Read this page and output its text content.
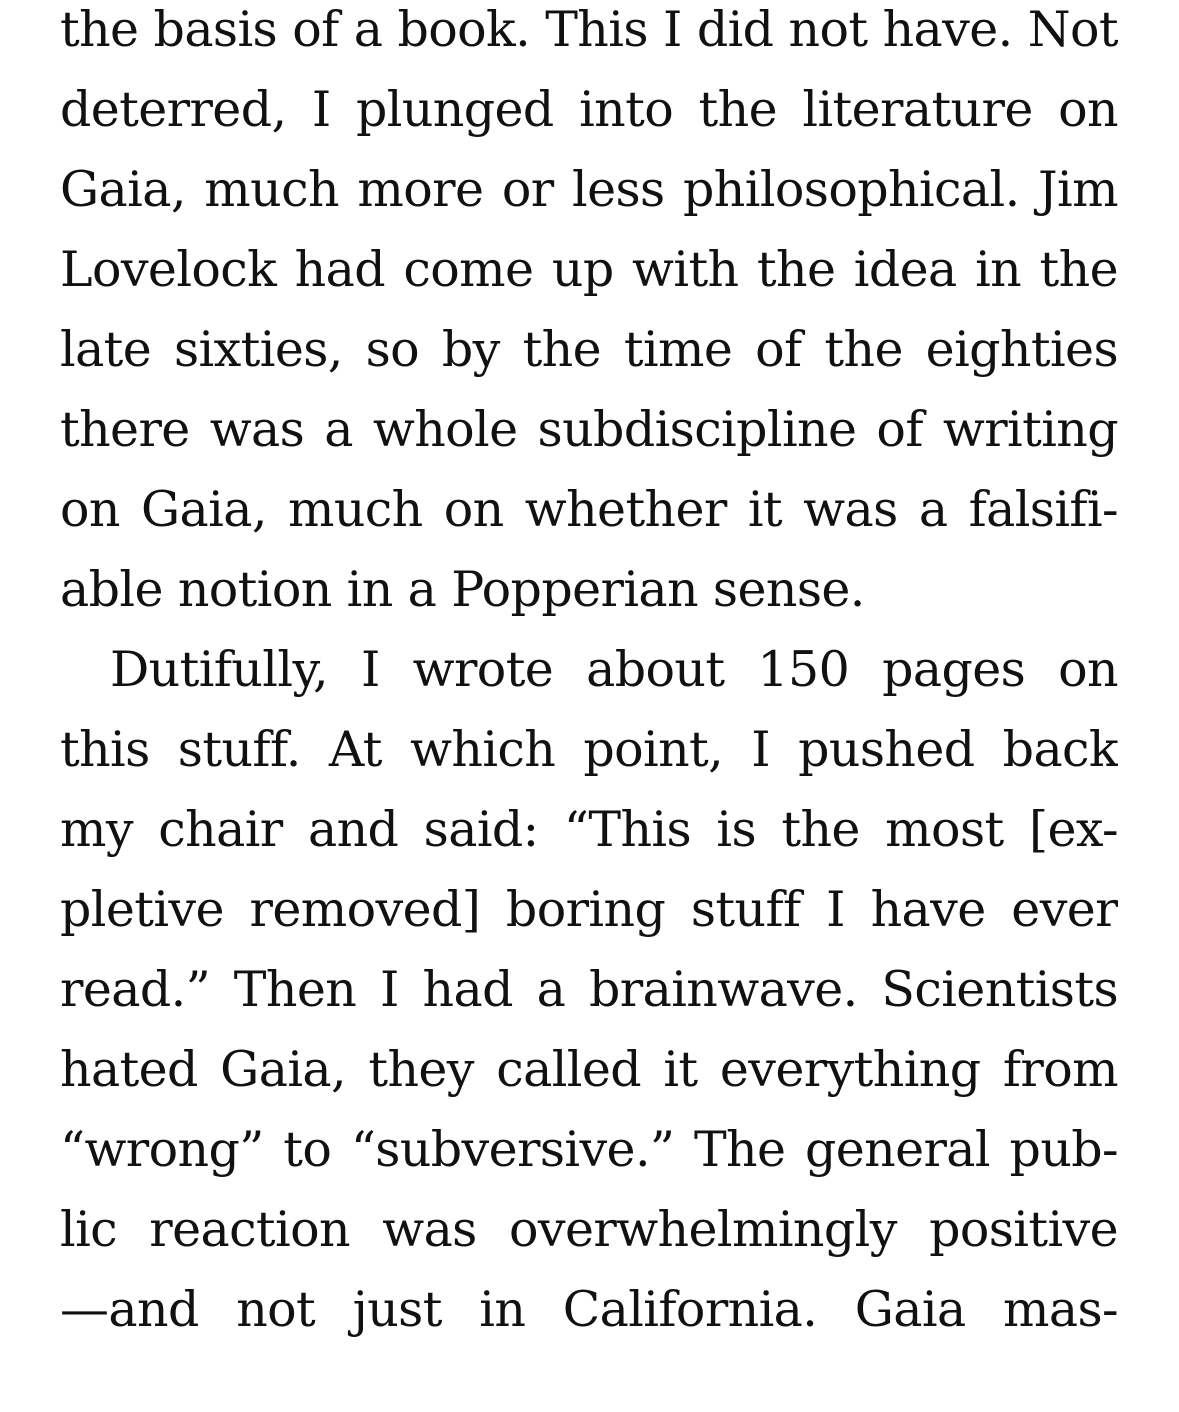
the basis of a book. This I did not have. Not
deterred, I plunged into the literature on
Gaia, much more or less philosophical. Jim
Lovelock had come up with the idea in the
late sixties, so by the time of the eighties
there was a whole subdiscipline of writing
on Gaia, much on whether it was a falsifi-
able notion in a Popperian sense.
Dutifully, I wrote about 150 pages on
this stuff. At which point, I pushed back
my chair and said: “This is the most [ex-
pletive removed] boring stuff I have ever
read.” Then I had a brainwave. Scientists
hated Gaia, they called it everything from
“wrong” to “subversive.” The general pub-
lic reaction was overwhelmingly positive
—and not just in California. Gaia mas-
